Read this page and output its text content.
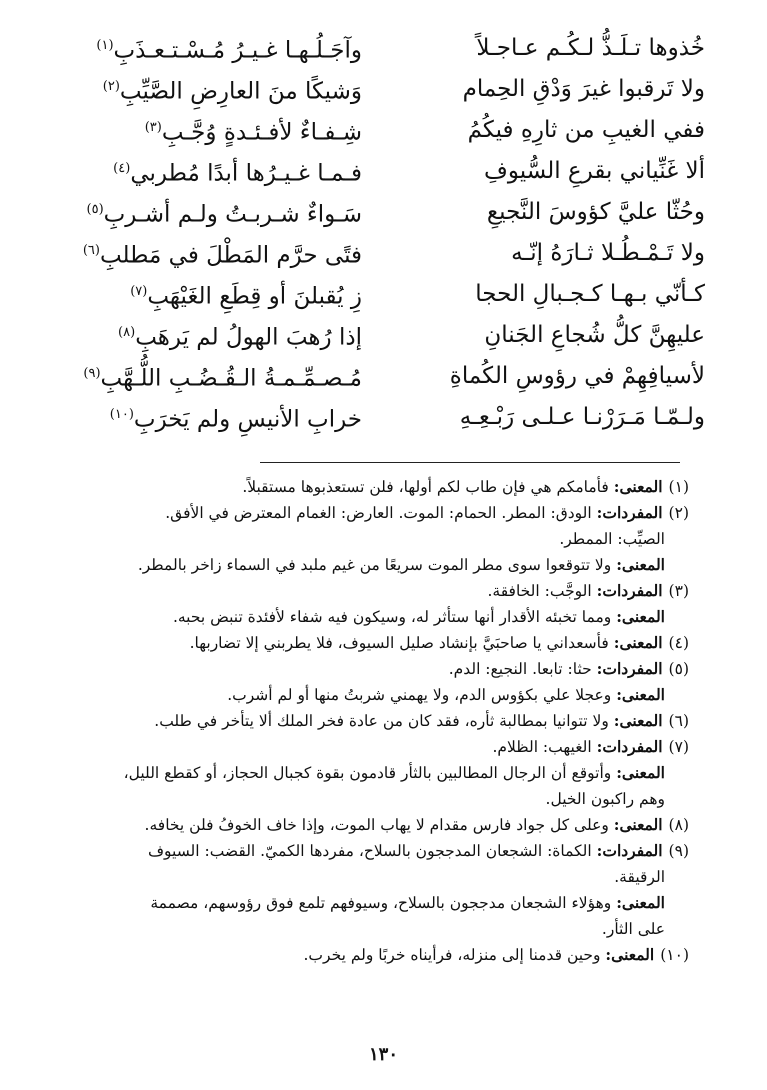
خُذوها تـلَـذُّ لـكُـم عـاجـلاً
وآجَـلُـهـا غـيـرُ مُـسْـتـعـذَبِ$^{(١)}$
ولا تَرقبوا غيرَ وَدْقِ الحِمام
وَشيكًا منَ العارِضِ الصَّيِّبِ$^{(٢)}$
ففي الغيبِ من ثارِهِ فيكُمُ
شِـفـاءٌ لأفـئـدةٍ وُجَّـبِ$^{(٣)}$
ألا غَنِّياني بقرعِ السُّيوفِ
فـمـا غـيـرُها أبدًا مُطربي$^{(٤)}$
وحُثّا عليَّ كؤوسَ النَّجيعِ
سَـواءٌ شـربـتُ ولـم أشـربِ$^{(٥)}$
ولا تَـمْـطُـلا ثـارَهُ إنّـه
فتًى حرَّم المَطْلَ في مَطلبِ$^{(٦)}$
كـأنّي بـهـا كـجـبالِ الحجا
زِ يُقبلنَ أو قِطَعِ الغَيْهَبِ$^{(٧)}$
عليهِنَّ كلُّ شُجاعِ الجَنانِ
إذا رُهبَ الهولُ لم يَرهَبِ$^{(٨)}$
لأسيافِهِمْ في رؤوسِ الكُماةِ
مُـصـمِّـمـةُ الـقُـضُـبِ اللُّـهَّبِ$^{(٩)}$
ولـمّـا مَـرَرْنـا عـلـى رَبْـعِـهِ
خرابِ الأنيسِ ولم يَخرَبِ$^{(١٠)}$

(١)المعنى: فأمامكم هي فإن طاب لكم أولها، فلن تستعذبوها مستقبلاً.

(٢)المفردات: الودق: المطر. الحمام: الموت. العارض: الغمام المعترض في الأفق.

الصيِّب: الممطر.

المعنى: ولا تتوقعوا سوى مطر الموت سريعًا من غيم ملبد في السماء زاخر بالمطر.

(٣)المفردات: الوجَّب: الخافقة.

المعنى: ومما تخبئه الأقدار أنها ستأثر له، وسيكون فيه شفاء لأفئدة تنبض بحبه.

(٤)المعنى: فأسعداني يا صاحبَيَّ بإنشاد صليل السيوف، فلا يطربني إلا تضاربها.

(٥)المفردات: حثا: تابعا. النجيع: الدم.

المعنى: وعجلا علي بكؤوس الدم، ولا يهمني شربتُ منها أو لم أشرب.

(٦)المعنى: ولا تتوانيا بمطالبة ثأره، فقد كان من عادة فخر الملك ألا يتأخر في طلب.

(٧)المفردات: الغيهب: الظلام.

المعنى: وأتوقع أن الرجال المطالبين بالثأر قادمون بقوة كجبال الحجاز، أو كقطع الليل،

وهم راكبون الخيل.

(٨)المعنى: وعلى كل جواد فارس مقدام لا يهاب الموت، وإذا خاف الخوفُ فلن يخافه.

(٩)المفردات: الكماة: الشجعان المدججون بالسلاح، مفردها الكميّ. القضب: السيوف

الرقيقة.

المعنى: وهؤلاء الشجعان مدججون بالسلاح، وسيوفهم تلمع فوق رؤوسهم، مصممة

على الثأر.

(١٠)المعنى: وحين قدمنا إلى منزله، فرأيناه خربًا ولم يخرب.

١٣٠
